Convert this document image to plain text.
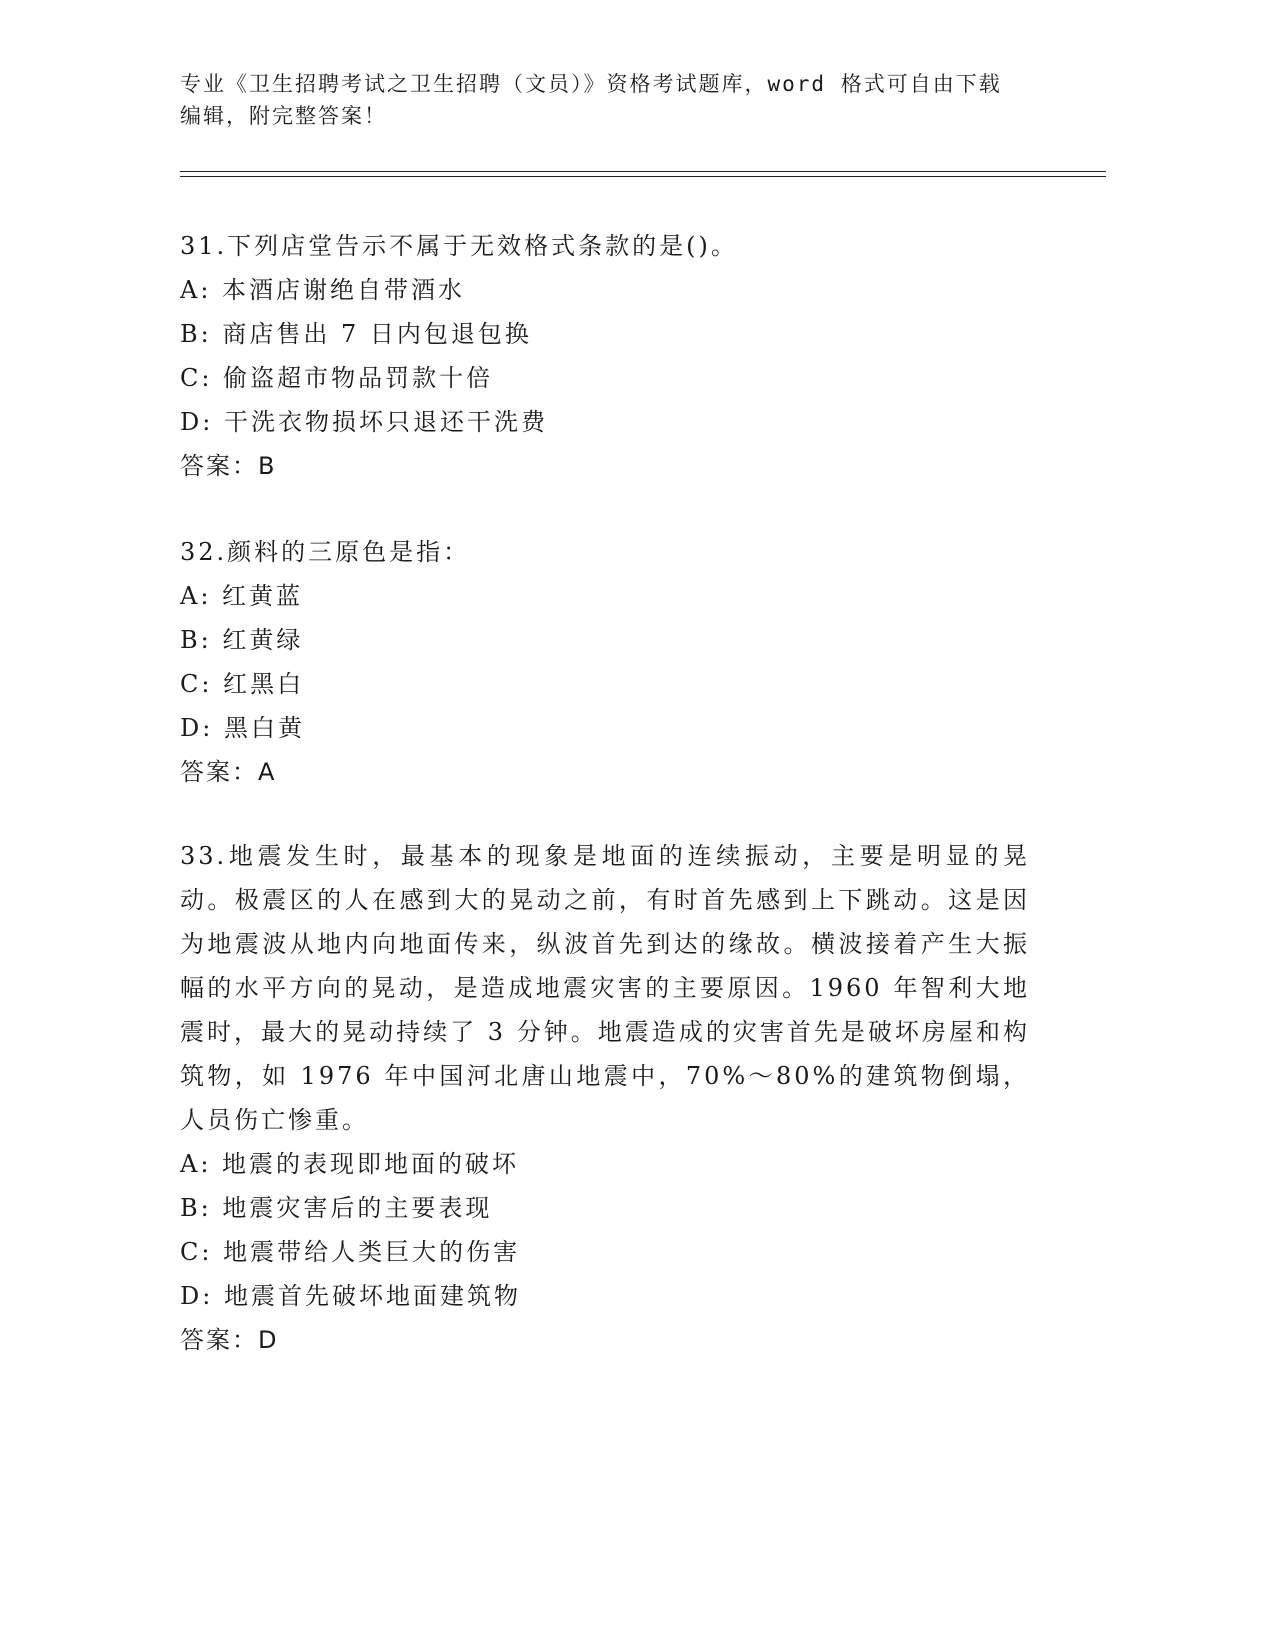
专业《卫生招聘考试之卫生招聘（文员）》资格考试题库，word 格式可自由下载
编辑，附完整答案！
31.下列店堂告示不属于无效格式条款的是()。
A: 本酒店谢绝自带酒水
B: 商店售出 7 日内包退包换
C: 偷盗超市物品罚款十倍
D: 干洗衣物损坏只退还干洗费
答案：B
32.颜料的三原色是指：
A: 红黄蓝
B: 红黄绿
C: 红黑白
D: 黑白黄
答案：A
33.地震发生时，最基本的现象是地面的连续振动，主要是明显的晃动。极震区的人在感到大的晃动之前，有时首先感到上下跳动。这是因为地震波从地内向地面传来，纵波首先到达的缘故。横波接着产生大振幅的水平方向的晃动，是造成地震灾害的主要原因。1960 年智利大地震时，最大的晃动持续了 3 分钟。地震造成的灾害首先是破坏房屋和构筑物，如 1976 年中国河北唐山地震中，70%～80%的建筑物倒塌，人员伤亡惨重。
A: 地震的表现即地面的破坏
B: 地震灾害后的主要表现
C: 地震带给人类巨大的伤害
D: 地震首先破坏地面建筑物
答案：D
